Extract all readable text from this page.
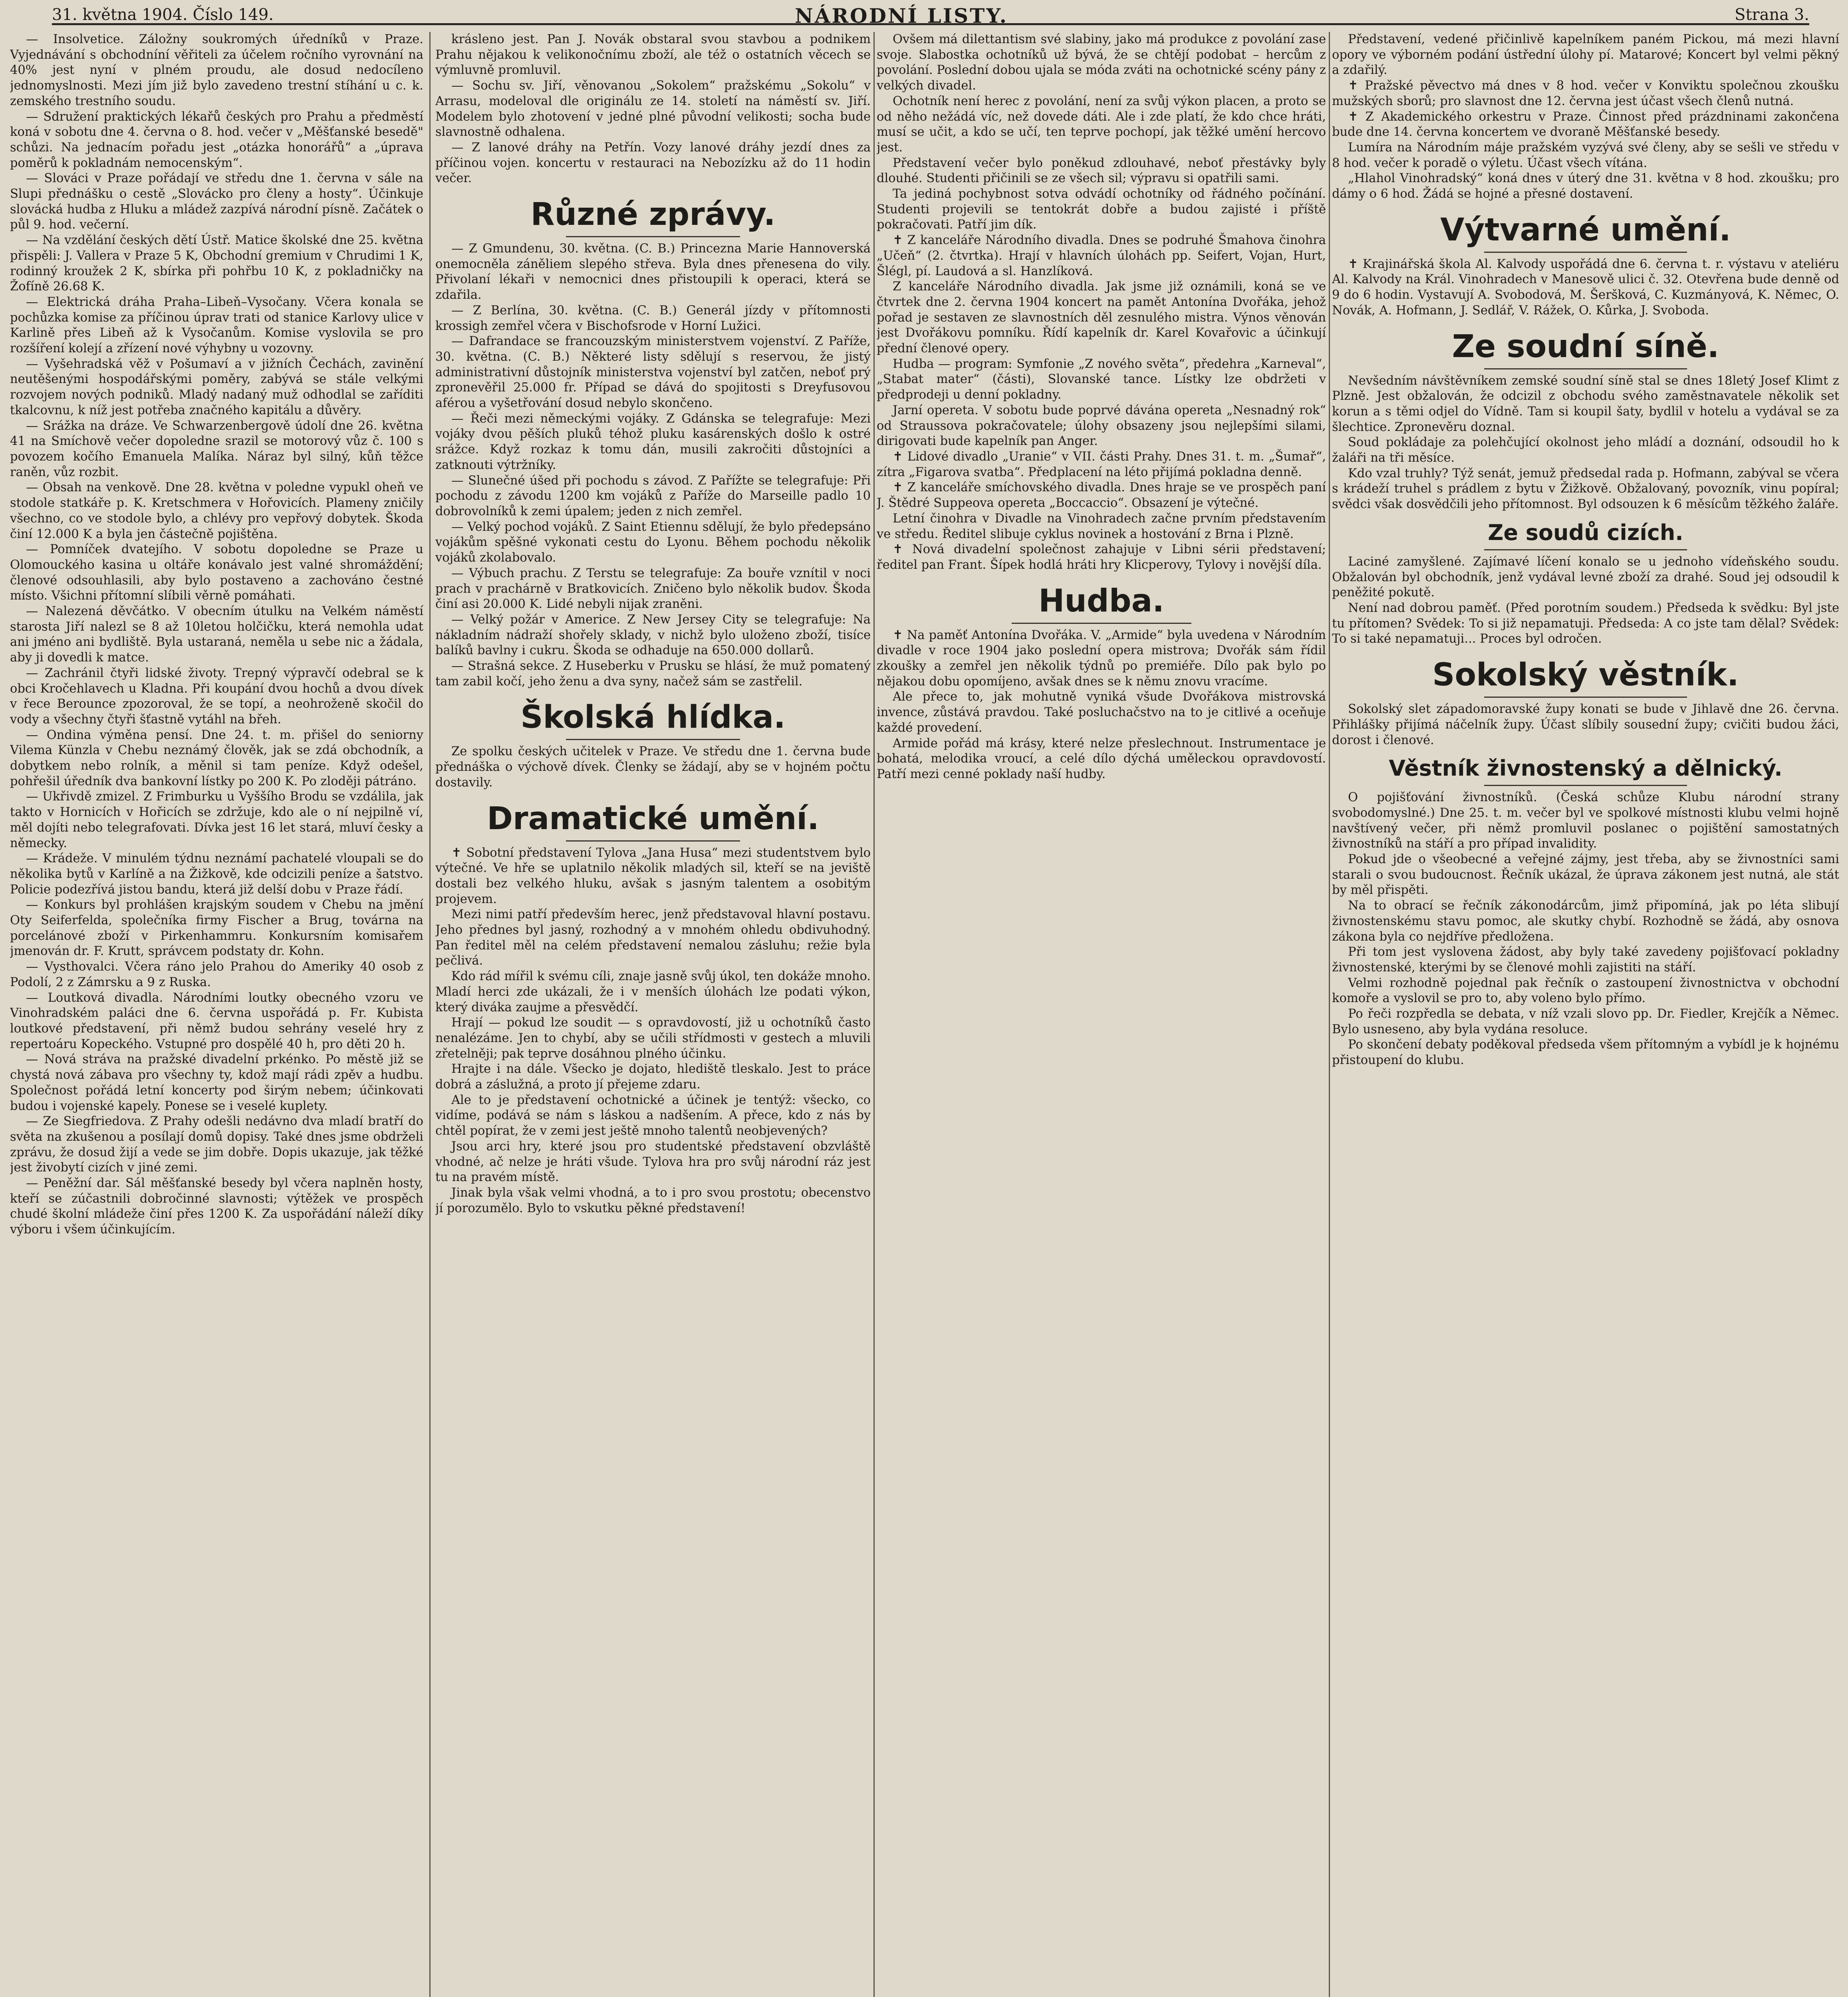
31. května 1904. Číslo 149.	NÁRODNÍ LISTY.	Strana 3.

— Insolvetice. Záložny soukromých úředníků v Praze. Vyjednávání s obchodníní věřiteli za účelem ročního vyrovnání na 40% jest nyní v plném proudu, ale dosud nedocíleno jednomyslnosti. Mezi jím již bylo zavedeno trestní stíhání u c. k. zemského trestního soudu.

— Sdružení praktických lékařů českých pro Prahu a předměstí koná v sobotu dne 4. června o 8. hod. večer v „Měšťanské besedě" schůzi. Na jednacím pořadu jest „otázka honorářů“ a „úprava poměrů k pokladnám nemocenským“.

— Slováci v Praze pořádají ve středu dne 1. června v sále na Slupi přednášku o cestě „Slovácko pro členy a hosty“. Účinkuje slovácká hudba z Hluku a mládež zazpívá národní písně. Začátek o půl 9. hod. večerní.

— Na vzdělání českých dětí Ústř. Matice školské dne 25. května přispěli: J. Vallera v Praze 5 K, Obchodní gremium v Chrudimi 1 K, rodinný kroužek 2 K, sbírka při pohřbu 10 K, z pokladničky na Žofíně 26.68 K.

— Elektrická dráha Praha–Libeň–Vysočany. Včera konala se pochůzka komise za příčinou úprav trati od stanice Karlovy ulice v Karlině přes Libeň až k Vysočanům. Komise vyslovila se pro rozšíření kolejí a zřízení nové výhybny u vozovny.

— Vyšehradská věž v Pošumaví a v jižních Čechách, zavinění neutěšenými hospodářskými poměry, zabývá se stále velkými rozvojem nových podniků. Mladý nadaný muž odhodlal se zaříditi tkalcovnu, k níž jest potřeba značného kapitálu a důvěry.

— Srážka na dráze. Ve Schwarzenbergově údolí dne 26. května 41 na Smíchově večer dopoledne srazil se motorový vůz č. 100 s povozem kočího Emanuela Malíka. Náraz byl silný, kůň těžce raněn, vůz rozbit.

— Obsah na venkově. Dne 28. května v poledne vypukl oheň ve stodole statkáře p. K. Kretschmera v Hořovicích. Plameny zničily všechno, co ve stodole bylo, a chlévy pro vepřový dobytek. Škoda činí 12.000 K a byla jen částečně pojištěna.

— Pomníček dvatejího. V sobotu dopoledne se Praze u Olomouckého kasina u oltáře konávalo jest valné shromáždění; členové odsouhlasili, aby bylo postaveno a zachováno čestné místo. Všichni přítomní slíbili věrně pomáhati.

— Nalezená děvčátko. V obecním útulku na Velkém náměstí starosta Jiří nalezl se 8 až 10letou holčičku, která nemohla udat ani jméno ani bydliště. Byla ustaraná, neměla u sebe nic a žádala, aby ji dovedli k matce.

— Zachránil čtyři lidské životy. Trepný výpravčí odebral se k obci Kročehlavech u Kladna. Při koupání dvou hochů a dvou dívek v řece Berounce zpozoroval, že se topí, a neohroženě skočil do vody a všechny čtyři šťastně vytáhl na břeh.

— Ondina výměna pensí. Dne 24. t. m. přišel do seniorny Vilema Künzla v Chebu neznámý člověk, jak se zdá obchodník, a dobytkem nebo rolník, a měnil si tam peníze. Když odešel, pohřešil úředník dva bankovní lístky po 200 K. Po zloději pátráno.

— Ukřivdě zmizel. Z Frimburku u Vyššího Brodu se vzdálila, jak takto v Hornicích v Hořicích se zdržuje, kdo ale o ní nejpilně ví, měl dojíti nebo telegrafovati. Dívka jest 16 let stará, mluví česky a německy.

— Krádeže. V minulém týdnu neznámí pachatelé vloupali se do několika bytů v Karlíně a na Žižkově, kde odcizili peníze a šatstvo. Policie podezřívá jistou bandu, která již delší dobu v Praze řádí.

— Konkurs byl prohlášen krajským soudem v Chebu na jmění Oty Seiferfelda, společníka firmy Fischer a Brug, továrna na porcelánové zboží v Pirkenhammru. Konkursním komisařem jmenován dr. F. Krutt, správcem podstaty dr. Kohn.

— Vysthovalci. Včera ráno jelo Prahou do Ameriky 40 osob z Podolí, 2 z Zámrsku a 9 z Ruska.

— Loutková divadla. Národními loutky obecného vzoru ve Vinohradském paláci dne 6. června uspořádá p. Fr. Kubista loutkové představení, při němž budou sehrány veselé hry z repertoáru Kopeckého. Vstupné pro dospělé 40 h, pro děti 20 h.

— Nová stráva na pražské divadelní prkénko. Po městě již se chystá nová zábava pro všechny ty, kdož mají rádi zpěv a hudbu. Společnost pořádá letní koncerty pod širým nebem; účinkovati budou i vojenské kapely. Ponese se i veselé kuplety.

— Ze Siegfriedova. Z Prahy odešli nedávno dva mladí bratří do světa na zkušenou a posílají domů dopisy. Také dnes jsme obdrželi zprávu, že dosud žijí a vede se jim dobře. Dopis ukazuje, jak těžké jest živobytí cizích v jiné zemi.

— Peněžní dar. Sál měšťanské besedy byl včera naplněn hosty, kteří se zúčastnili dobročinné slavnosti; výtěžek ve prospěch chudé školní mládeže činí přes 1200 K. Za uspořádání náleží díky výboru i všem účinkujícím.

krásleno jest. Pan J. Novák obstaral svou stavbou a podnikem Prahu nějakou k velikonočnímu zboží, ale též o ostatních věcech se výmluvně promluvil.

— Sochu sv. Jiří, věnovanou „Sokolem“ pražskému „Sokolu“ v Arrasu, modeloval dle originálu ze 14. století na náměstí sv. Jiří. Modelem bylo zhotovení v jedné plné původní velikosti; socha bude slavnostně odhalena.

— Z lanové dráhy na Petřín. Vozy lanové dráhy jezdí dnes za příčinou vojen. koncertu v restauraci na Nebozízku až do 11 hodin večer.

Různé zprávy.

— Z Gmundenu, 30. května. (C. B.) Princezna Marie Hannoverská onemocněla záněliem slepého střeva. Byla dnes přenesena do vily. Přivolaní lékaři v nemocnici dnes přistoupili k operaci, která se zdařila.

— Z Berlína, 30. května. (C. B.) Generál jízdy v přítomnosti krossigh zemřel včera v Bischofsrode v Horní Lužici.

— Dafrandace se francouzským ministerstvem vojenství. Z Paříže, 30. května. (C. B.) Některé listy sdělují s reservou, že jistý administrativní důstojník ministerstva vojenství byl zatčen, neboť prý zpronevěřil 25.000 fr. Případ se dává do spojitosti s Dreyfusovou aférou a vyšetřování dosud nebylo skončeno.

— Řeči mezi německými vojáky. Z Gdánska se telegrafuje: Mezi vojáky dvou pěších pluků téhož pluku kasárenských došlo k ostré srážce. Když rozkaz k tomu dán, musili zakročiti důstojníci a zatknouti výtržníky.

— Slunečné úšed při pochodu s závod. Z Pařížte se telegrafuje: Při pochodu z závodu 1200 km vojáků z Paříže do Marseille padlo 10 dobrovolníků k zemi úpalem; jeden z nich zemřel.

— Velký pochod vojáků. Z Saint Etiennu sdělují, že bylo předepsáno vojákům spěšné vykonati cestu do Lyonu. Během pochodu několik vojáků zkolabovalo.

— Výbuch prachu. Z Terstu se telegrafuje: Za bouře vznítil v noci prach v prachárně v Bratkovicích. Zničeno bylo několik budov. Škoda činí asi 20.000 K. Lidé nebyli nijak zraněni.

— Velký požár v Americe. Z New Jersey City se telegrafuje: Na nákladním nádraží shořely sklady, v nichž bylo uloženo zboží, tisíce balíků bavlny i cukru. Škoda se odhaduje na 650.000 dollarů.

— Strašná sekce. Z Huseberku v Prusku se hlásí, že muž pomatený tam zabil kočí, jeho ženu a dva syny, načež sám se zastřelil.

Školská hlídka.

Ze spolku českých učitelek v Praze. Ve středu dne 1. června bude přednáška o výchově dívek. Členky se žádají, aby se v hojném počtu dostavily.

Dramatické umění.

✝ Sobotní představení Tylova „Jana Husa“ mezi studentstvem bylo výtečné. Ve hře se uplatnilo několik mladých sil, kteří se na jeviště dostali bez velkého hluku, avšak s jasným talentem a osobitým projevem.

Mezi nimi patří především herec, jenž představoval hlavní postavu. Jeho přednes byl jasný, rozhodný a v mnohém ohledu obdivuhodný. Pan ředitel měl na celém představení nemalou zásluhu; režie byla pečlivá.

Kdo rád mířil k svému cíli, znaje jasně svůj úkol, ten dokáže mnoho. Mladí herci zde ukázali, že i v menších úlohách lze podati výkon, který diváka zaujme a přesvědčí.

Hrají — pokud lze soudit — s opravdovostí, již u ochotníků často nenalézáme. Jen to chybí, aby se učili střídmosti v gestech a mluvili zřetelněji; pak teprve dosáhnou plného účinku.

Hrajte i na dále. Všecko je dojato, hlediště tleskalo. Jest to práce dobrá a záslužná, a proto jí přejeme zdaru.

Ale to je představení ochotnické a účinek je tentýž: všecko, co vidíme, podává se nám s láskou a nadšením. A přece, kdo z nás by chtěl popírat, že v zemi jest ještě mnoho talentů neobjevených?

Jsou arci hry, které jsou pro studentské představení obzvláště vhodné, ač nelze je hráti všude. Tylova hra pro svůj národní ráz jest tu na pravém místě.

Jinak byla však velmi vhodná, a to i pro svou prostotu; obecenstvo jí porozumělo. Bylo to vskutku pěkné představení!

Ovšem má dilettantism své slabiny, jako má produkce z povolání zase svoje. Slabostka ochotníků už bývá, že se chtějí podobat – hercům z povolání. Poslední dobou ujala se móda zváti na ochotnické scény pány z velkých divadel.

Ochotník není herec z povolání, není za svůj výkon placen, a proto se od něho nežádá víc, než dovede dáti. Ale i zde platí, že kdo chce hráti, musí se učit, a kdo se učí, ten teprve pochopí, jak těžké umění hercovo jest.

Představení večer bylo poněkud zdlouhavé, neboť přestávky byly dlouhé. Studenti přičinili se ze všech sil; výpravu si opatřili sami.

Ta jediná pochybnost sotva odvádí ochotníky od řádného počínání. Studenti projevili se tentokrát dobře a budou zajisté i příště pokračovati. Patří jim dík.

✝ Z kanceláře Národního divadla. Dnes se podruhé Šmahova činohra „Učeň“ (2. čtvrtka). Hrají v hlavních úlohách pp. Seifert, Vojan, Hurt, Šlégl, pí. Laudová a sl. Hanzlíková.

Z kanceláře Národního divadla. Jak jsme již oznámili, koná se ve čtvrtek dne 2. června 1904 koncert na pamět Antonína Dvořáka, jehož pořad je sestaven ze slavnostních děl zesnulého mistra. Výnos věnován jest Dvořákovu pomníku. Řídí kapelník dr. Karel Kovařovic a účinkují přední členové opery.

Hudba — program: Symfonie „Z nového světa“, předehra „Karneval“, „Stabat mater“ (části), Slovanské tance. Lístky lze obdržeti v předprodeji u denní pokladny.

Jarní opereta. V sobotu bude poprvé dávána opereta „Nesnadný rok“ od Straussova pokračovatele; úlohy obsazeny jsou nejlepšími silami, dirigovati bude kapelník pan Anger.

✝ Lidové divadlo „Uranie“ v VII. části Prahy. Dnes 31. t. m. „Šumař“, zítra „Figarova svatba“. Předplacení na léto přijímá pokladna denně.

✝ Z kanceláře smíchovského divadla. Dnes hraje se ve prospěch paní J. Štědré Suppeova opereta „Boccaccio“. Obsazení je výtečné.

Letní činohra v Divadle na Vinohradech začne prvním představením ve středu. Ředitel slibuje cyklus novinek a hostování z Brna i Plzně.

✝ Nová divadelní společnost zahajuje v Libni sérii představení; ředitel pan Frant. Šípek hodlá hráti hry Klicperovy, Tylovy i novější díla.

Hudba.

✝ Na paměť Antonína Dvořáka. V. „Armide“ byla uvedena v Národním divadle v roce 1904 jako poslední opera mistrova; Dvořák sám řídil zkoušky a zemřel jen několik týdnů po premiéře. Dílo pak bylo po nějakou dobu opomíjeno, avšak dnes se k němu znovu vracíme.

Ale přece to, jak mohutně vyniká všude Dvořákova mistrovská invence, zůstává pravdou. Také posluchačstvo na to je citlivé a oceňuje každé provedení.

Armide pořád má krásy, které nelze přeslechnout. Instrumentace je bohatá, melodika vroucí, a celé dílo dýchá uměleckou opravdovostí. Patří mezi cenné poklady naší hudby.

Představení, vedené přičinlivě kapelníkem paném Pickou, má mezi hlavní opory ve výborném podání ústřední úlohy pí. Matarové; Koncert byl velmi pěkný a zdařilý.

✝ Pražské pěvectvo má dnes v 8 hod. večer v Konviktu společnou zkoušku mužských sborů; pro slavnost dne 12. června jest účast všech členů nutná.

✝ Z Akademického orkestru v Praze. Činnost před prázdninami zakončena bude dne 14. června koncertem ve dvoraně Měšťanské besedy.

Lumíra na Národním máje pražském vyzývá své členy, aby se sešli ve středu v 8 hod. večer k poradě o výletu. Účast všech vítána.

„Hlahol Vinohradský“ koná dnes v úterý dne 31. května v 8 hod. zkoušku; pro dámy o 6 hod. Žádá se hojné a přesné dostavení.

Výtvarné umění.

✝ Krajinářská škola Al. Kalvody uspořádá dne 6. června t. r. výstavu v ateliéru Al. Kalvody na Král. Vinohradech v Manesově ulici č. 32. Otevřena bude denně od 9 do 6 hodin. Vystavují A. Svobodová, M. Šeršková, C. Kuzmányová, K. Němec, O. Novák, A. Hofmann, J. Sedlář, V. Rážek, O. Kůrka, J. Svoboda.

Ze soudní síně.

Nevšedním návštěvníkem zemské soudní síně stal se dnes 18letý Josef Klimt z Plzně. Jest obžalován, že odcizil z obchodu svého zaměstnavatele několik set korun a s těmi odjel do Vídně. Tam si koupil šaty, bydlil v hotelu a vydával se za šlechtice. Zpronevěru doznal.

Soud pokládaje za polehčující okolnost jeho mládí a doznání, odsoudil ho k žaláři na tři měsíce.

Kdo vzal truhly? Týž senát, jemuž předsedal rada p. Hofmann, zabýval se včera s krádeží truhel s prádlem z bytu v Žižkově. Obžalovaný, povozník, vinu popíral; svědci však dosvědčili jeho přítomnost. Byl odsouzen k 6 měsícům těžkého žaláře.

Ze soudů cizích.

Laciné zamyšlené. Zajímavé líčení konalo se u jednoho vídeňského soudu. Obžalován byl obchodník, jenž vydával levné zboží za drahé. Soud jej odsoudil k peněžité pokutě.

Není nad dobrou paměť. (Před porotním soudem.) Předseda k svědku: Byl jste tu přítomen? Svědek: To si již nepamatuji. Předseda: A co jste tam dělal? Svědek: To si také nepamatuji... Proces byl odročen.

Sokolský věstník.

Sokolský slet západomoravské župy konati se bude v Jihlavě dne 26. června. Přihlášky přijímá náčelník župy. Účast slíbily sousední župy; cvičiti budou žáci, dorost i členové.

Věstník živnostenský a dělnický.

O pojišťování živnostníků. (Česká schůze Klubu národní strany svobodomyslné.) Dne 25. t. m. večer byl ve spolkové místnosti klubu velmi hojně navštívený večer, při němž promluvil poslanec o pojištění samostatných živnostníků na stáří a pro případ invalidity.

Pokud jde o všeobecné a veřejné zájmy, jest třeba, aby se živnostníci sami starali o svou budoucnost. Řečník ukázal, že úprava zákonem jest nutná, ale stát by měl přispěti.

Na to obrací se řečník zákonodárcům, jimž připomíná, jak po léta slibují živnostenskému stavu pomoc, ale skutky chybí. Rozhodně se žádá, aby osnova zákona byla co nejdříve předložena.

Při tom jest vyslovena žádost, aby byly také zavedeny pojišťovací pokladny živnostenské, kterými by se členové mohli zajistiti na stáří.

Velmi rozhodně pojednal pak řečník o zastoupení živnostnictva v obchodní komoře a vyslovil se pro to, aby voleno bylo přímo.

Po řeči rozpředla se debata, v níž vzali slovo pp. Dr. Fiedler, Krejčík a Němec. Bylo usneseno, aby byla vydána resoluce.

Po skončení debaty poděkoval předseda všem přítomným a vybídl je k hojnému přistoupení do klubu.
